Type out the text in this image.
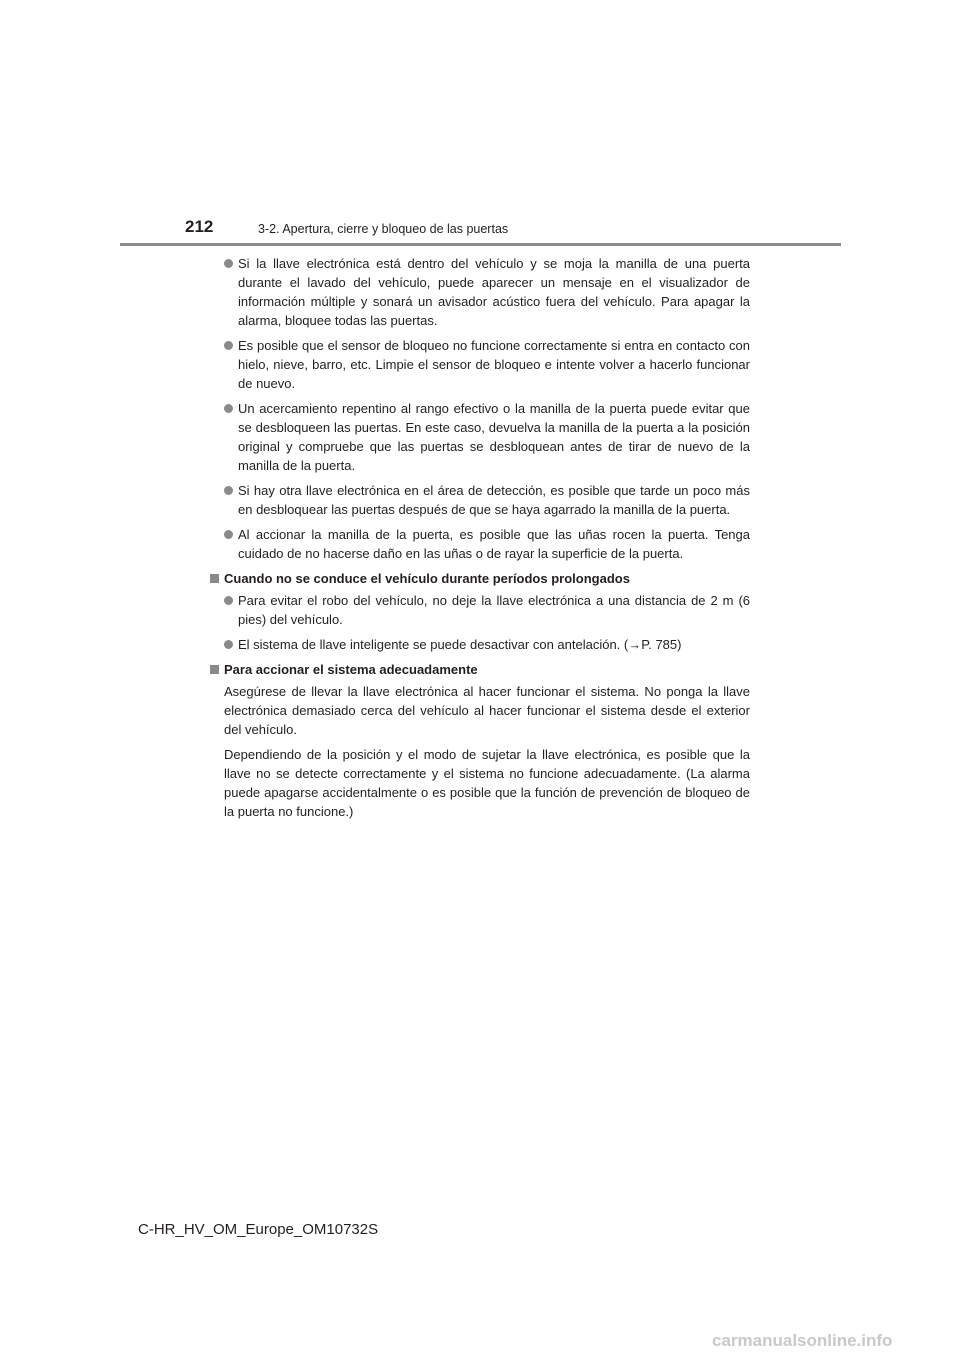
212	3-2. Apertura, cierre y bloqueo de las puertas
Si la llave electrónica está dentro del vehículo y se moja la manilla de una puerta durante el lavado del vehículo, puede aparecer un mensaje en el visualizador de información múltiple y sonará un avisador acústico fuera del vehículo. Para apagar la alarma, bloquee todas las puertas.
Es posible que el sensor de bloqueo no funcione correctamente si entra en contacto con hielo, nieve, barro, etc. Limpie el sensor de bloqueo e intente volver a hacerlo funcionar de nuevo.
Un acercamiento repentino al rango efectivo o la manilla de la puerta puede evitar que se desbloqueen las puertas. En este caso, devuelva la manilla de la puerta a la posición original y compruebe que las puertas se desbloquean antes de tirar de nuevo de la manilla de la puerta.
Si hay otra llave electrónica en el área de detección, es posible que tarde un poco más en desbloquear las puertas después de que se haya agarrado la manilla de la puerta.
Al accionar la manilla de la puerta, es posible que las uñas rocen la puerta. Tenga cuidado de no hacerse daño en las uñas o de rayar la superficie de la puerta.
Cuando no se conduce el vehículo durante períodos prolongados
Para evitar el robo del vehículo, no deje la llave electrónica a una distancia de 2 m (6 pies) del vehículo.
El sistema de llave inteligente se puede desactivar con antelación. (→P. 785)
Para accionar el sistema adecuadamente
Asegúrese de llevar la llave electrónica al hacer funcionar el sistema. No ponga la llave electrónica demasiado cerca del vehículo al hacer funcionar el sistema desde el exterior del vehículo.
Dependiendo de la posición y el modo de sujetar la llave electrónica, es posible que la llave no se detecte correctamente y el sistema no funcione adecuadamente. (La alarma puede apagarse accidentalmente o es posible que la función de prevención de bloqueo de la puerta no funcione.)
C-HR_HV_OM_Europe_OM10732S
carmanualsonline.info
